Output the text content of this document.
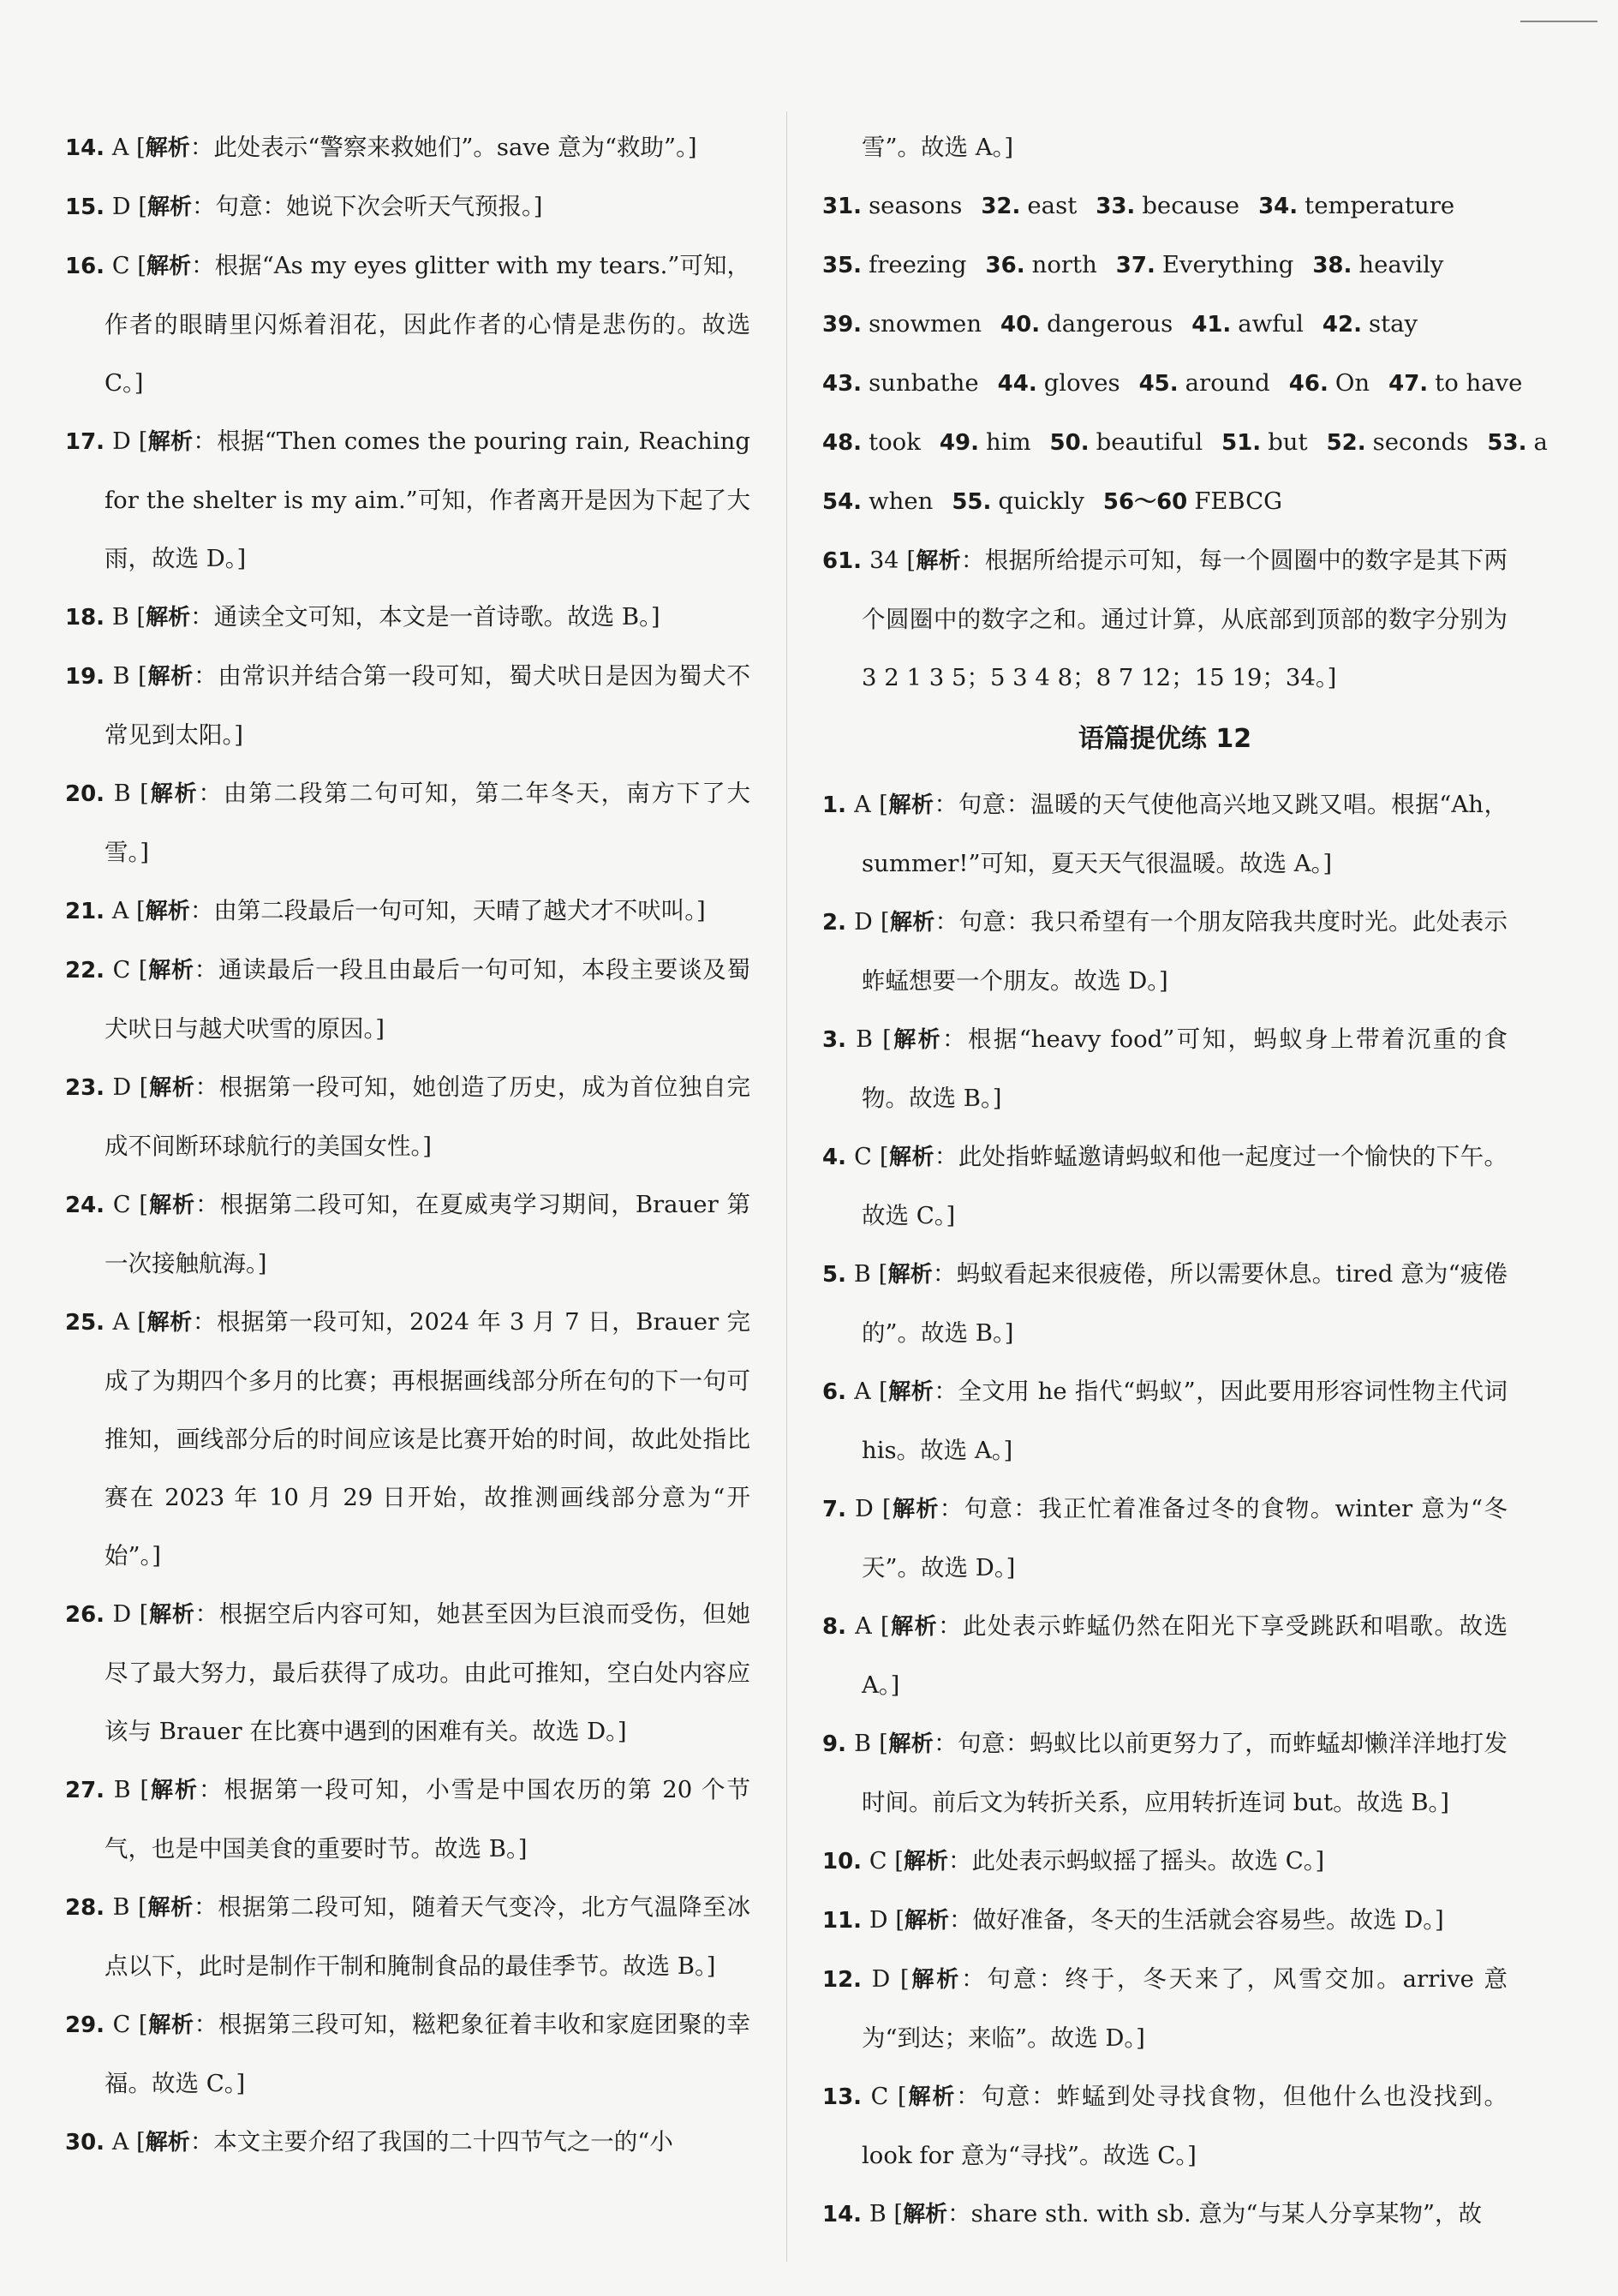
14. A [解析：此处表示“警察来救她们”。save 意为“救助”。]
15. D [解析：句意：她说下次会听天气预报。]
16. C [解析：根据“As my eyes glitter with my tears.”可知，作者的眼睛里闪烁着泪花，因此作者的心情是悲伤的。故选 C。]
17. D [解析：根据“Then comes the pouring rain, Reaching for the shelter is my aim.”可知，作者离开是因为下起了大雨，故选 D。]
18. B [解析：通读全文可知，本文是一首诗歌。故选 B。]
19. B [解析：由常识并结合第一段可知，蜀犬吠日是因为蜀犬不常见到太阳。]
20. B [解析：由第二段第二句可知，第二年冬天，南方下了大雪。]
21. A [解析：由第二段最后一句可知，天晴了越犬才不吠叫。]
22. C [解析：通读最后一段且由最后一句可知，本段主要谈及蜀犬吠日与越犬吠雪的原因。]
23. D [解析：根据第一段可知，她创造了历史，成为首位独自完成不间断环球航行的美国女性。]
24. C [解析：根据第二段可知，在夏威夷学习期间，Brauer 第一次接触航海。]
25. A [解析：根据第一段可知，2024 年 3 月 7 日，Brauer 完成了为期四个多月的比赛；再根据画线部分所在句的下一句可推知，画线部分后的时间应该是比赛开始的时间，故此处指比赛在 2023 年 10 月 29 日开始，故推测画线部分意为“开始”。]
26. D [解析：根据空后内容可知，她甚至因为巨浪而受伤，但她尽了最大努力，最后获得了成功。由此可推知，空白处内容应该与 Brauer 在比赛中遇到的困难有关。故选 D。]
27. B [解析：根据第一段可知，小雪是中国农历的第 20 个节气，也是中国美食的重要时节。故选 B。]
28. B [解析：根据第二段可知，随着天气变冷，北方气温降至冰点以下，此时是制作干制和腌制食品的最佳季节。故选 B。]
29. C [解析：根据第三段可知，糍粑象征着丰收和家庭团聚的幸福。故选 C。]
30. A [解析：本文主要介绍了我国的二十四节气之一的“小
雪”。故选 A。]
31. seasons 32. east 33. because 34. temperature
35. freezing 36. north 37. Everything 38. heavily
39. snowmen 40. dangerous 41. awful 42. stay
43. sunbathe 44. gloves 45. around 46. On 47. to have
48. took 49. him 50. beautiful 51. but 52. seconds 53. a
54. when 55. quickly 56～60 FEBCG
61. 34 [解析：根据所给提示可知，每一个圆圈中的数字是其下两个圆圈中的数字之和。通过计算，从底部到顶部的数字分别为 3 2 1 3 5；5 3 4 8；8 7 12；15 19；34。]
语篇提优练 12
1. A [解析：句意：温暖的天气使他高兴地又跳又唱。根据“Ah，summer!”可知，夏天天气很温暖。故选 A。]
2. D [解析：句意：我只希望有一个朋友陪我共度时光。此处表示蚱蜢想要一个朋友。故选 D。]
3. B [解析：根据“heavy food”可知，蚂蚁身上带着沉重的食物。故选 B。]
4. C [解析：此处指蚱蜢邀请蚂蚁和他一起度过一个愉快的下午。故选 C。]
5. B [解析：蚂蚁看起来很疲倦，所以需要休息。tired 意为“疲倦的”。故选 B。]
6. A [解析：全文用 he 指代“蚂蚁”，因此要用形容词性物主代词 his。故选 A。]
7. D [解析：句意：我正忙着准备过冬的食物。winter 意为“冬天”。故选 D。]
8. A [解析：此处表示蚱蜢仍然在阳光下享受跳跃和唱歌。故选 A。]
9. B [解析：句意：蚂蚁比以前更努力了，而蚱蜢却懒洋洋地打发时间。前后文为转折关系，应用转折连词 but。故选 B。]
10. C [解析：此处表示蚂蚁摇了摇头。故选 C。]
11. D [解析：做好准备，冬天的生活就会容易些。故选 D。]
12. D [解析：句意：终于，冬天来了，风雪交加。arrive 意为“到达；来临”。故选 D。]
13. C [解析：句意：蚱蜢到处寻找食物，但他什么也没找到。look for 意为“寻找”。故选 C。]
14. B [解析：share sth. with sb. 意为“与某人分享某物”，故
